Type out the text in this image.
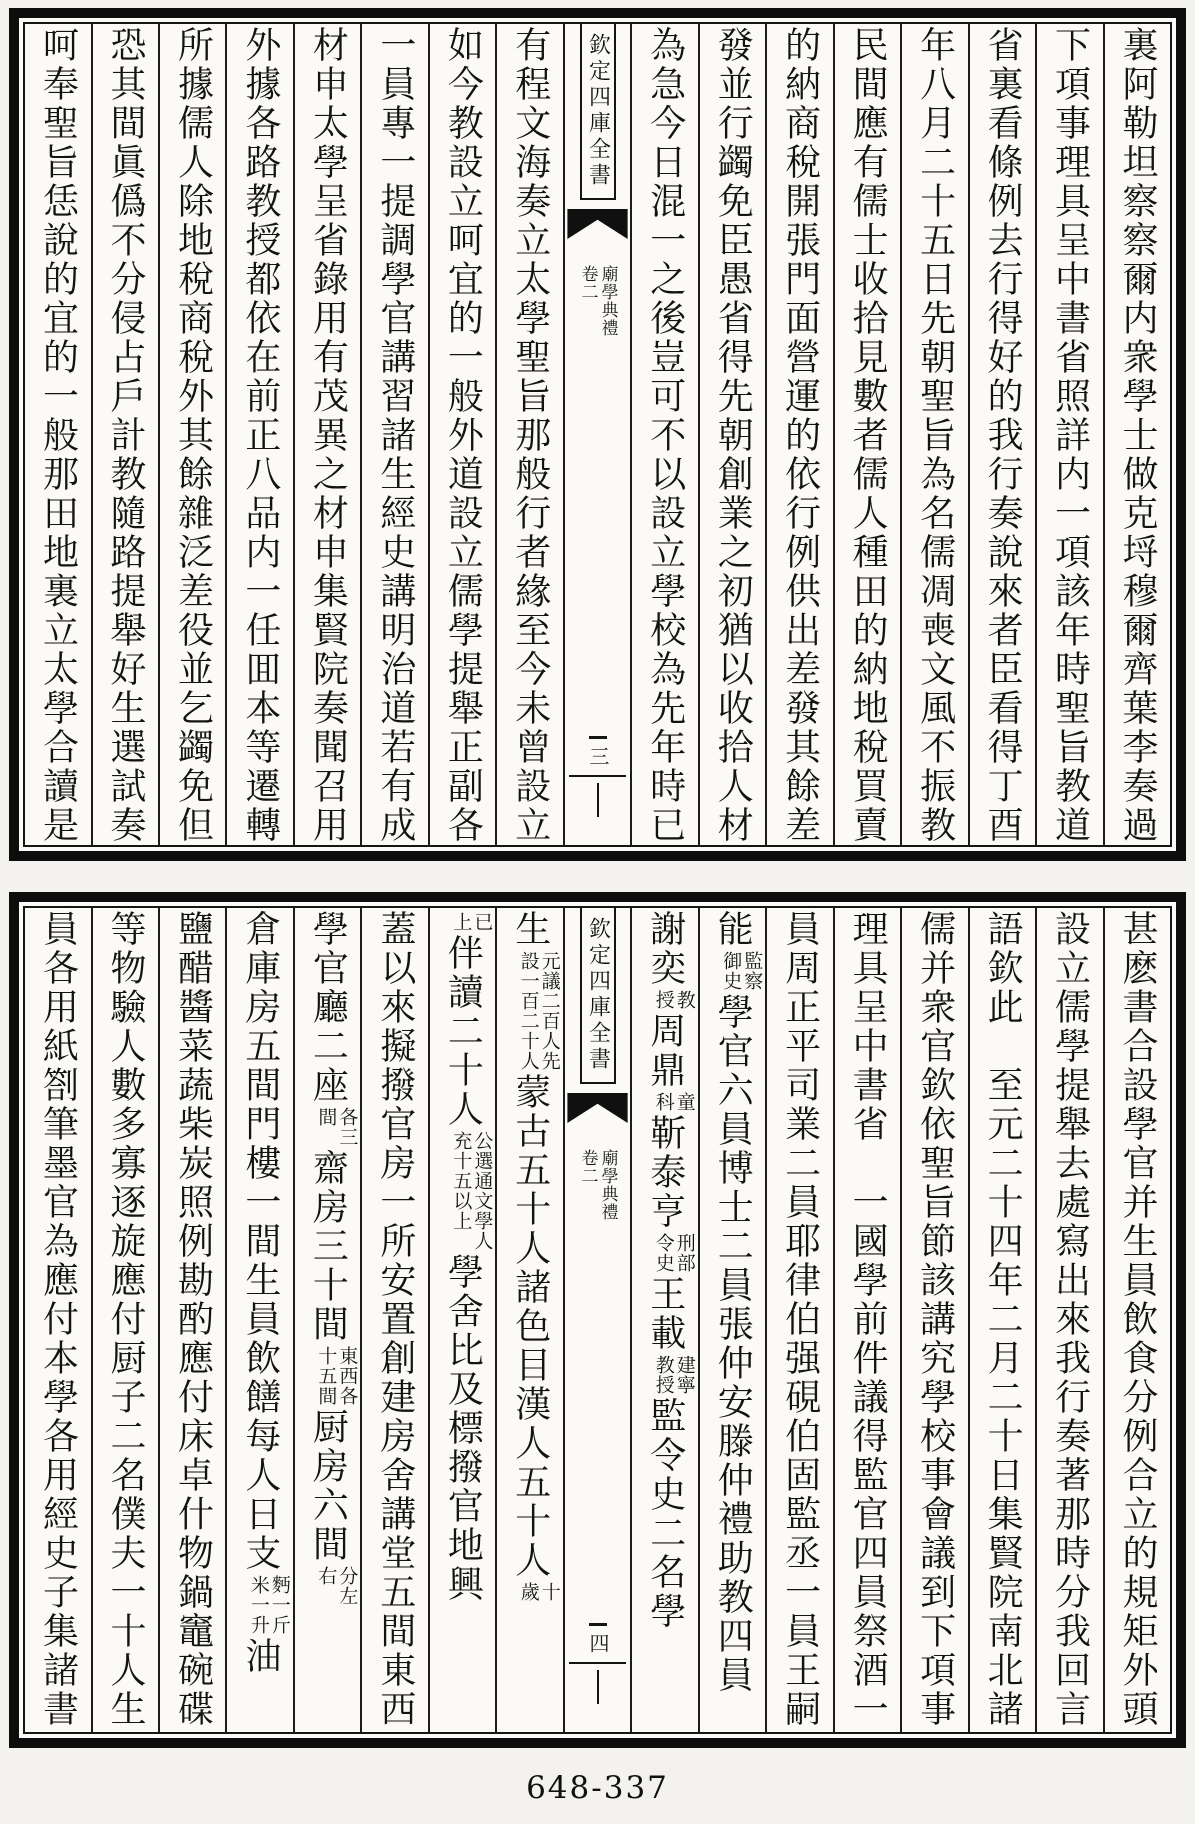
裏阿勒坦察察爾内衆學士做克埒穆爾齊葉李奏過
下項事理具呈中書省照詳内一項該年時聖旨教道
省裏看條例去行得好的我行奏說來者臣看得丁酉
年八月二十五日先朝聖旨為名儒凋喪文風不振教
民間應有儒士收拾見數者儒人種田的納地稅買賣
的納商稅開張門面營運的依行例供出差發其餘差
發並行蠲免臣愚省得先朝創業之初猶以收拾人材
為急今日混一之後豈可不以設立學校為先年時已
欽定四庫全書
廟學典禮
卷二
三
有程文海奏立太學聖旨那般行者緣至今未曾設立
如今教設立呵宜的一般外道設立儒學提舉正副各
一員專一提調學官講習諸生經史講明治道若有成
材申太學呈省錄用有茂異之材申集賢院奏聞召用
外據各路教授都依在前正八品内一任囬本等遷轉
所據儒人除地稅商稅外其餘雜泛差役並乞蠲免但
恐其間眞僞不分侵占戶計教隨路提舉好生選試奏
呵奉聖旨恁說的宜的一般那田地裏立太學合讀是
甚麽書合設學官并生員飲食分例合立的規矩外頭
設立儒學提舉去處寫出來我行奏著那時分我回言
語欽此　至元二十四年二月二十日集賢院南北諸
儒并衆官欽依聖旨節該講究學校事會議到下項事
理具呈中書省　一國學前件議得監官四員祭酒一
員周正平司業二員耶律伯强硯伯固監丞一員王嗣
能
監察
御史
學官六員博士二員張仲安滕仲禮助教四員
謝奕
教
授
周鼎
童
科
靳泰亨
刑部
令史
王載
建寧
教授
監令史二名學
欽定四庫全書
廟學典禮
卷二
四
生
元議二百人先
設一百二十人
蒙古五十人諸色目漢人五十人
十
歲
已
上
伴讀二十人
公選通文學人
充十五以上
學舍比及標撥官地興
蓋以來擬撥官房一所安置創建房舍講堂五間東西
學官廳二座
各三
間
齋房三十間
東西各
十五間
厨房六間
分左
右
倉庫房五間門樓一間生員飲饍每人日支
麪一斤
米一升
油
鹽醋醬菜蔬柴炭照例勘酌應付床卓什物鍋竈碗碟
等物驗人數多寡逐旋應付厨子二名僕夫一十人生
員各用紙劄筆墨官為應付本學各用經史子集諸書
648-337
